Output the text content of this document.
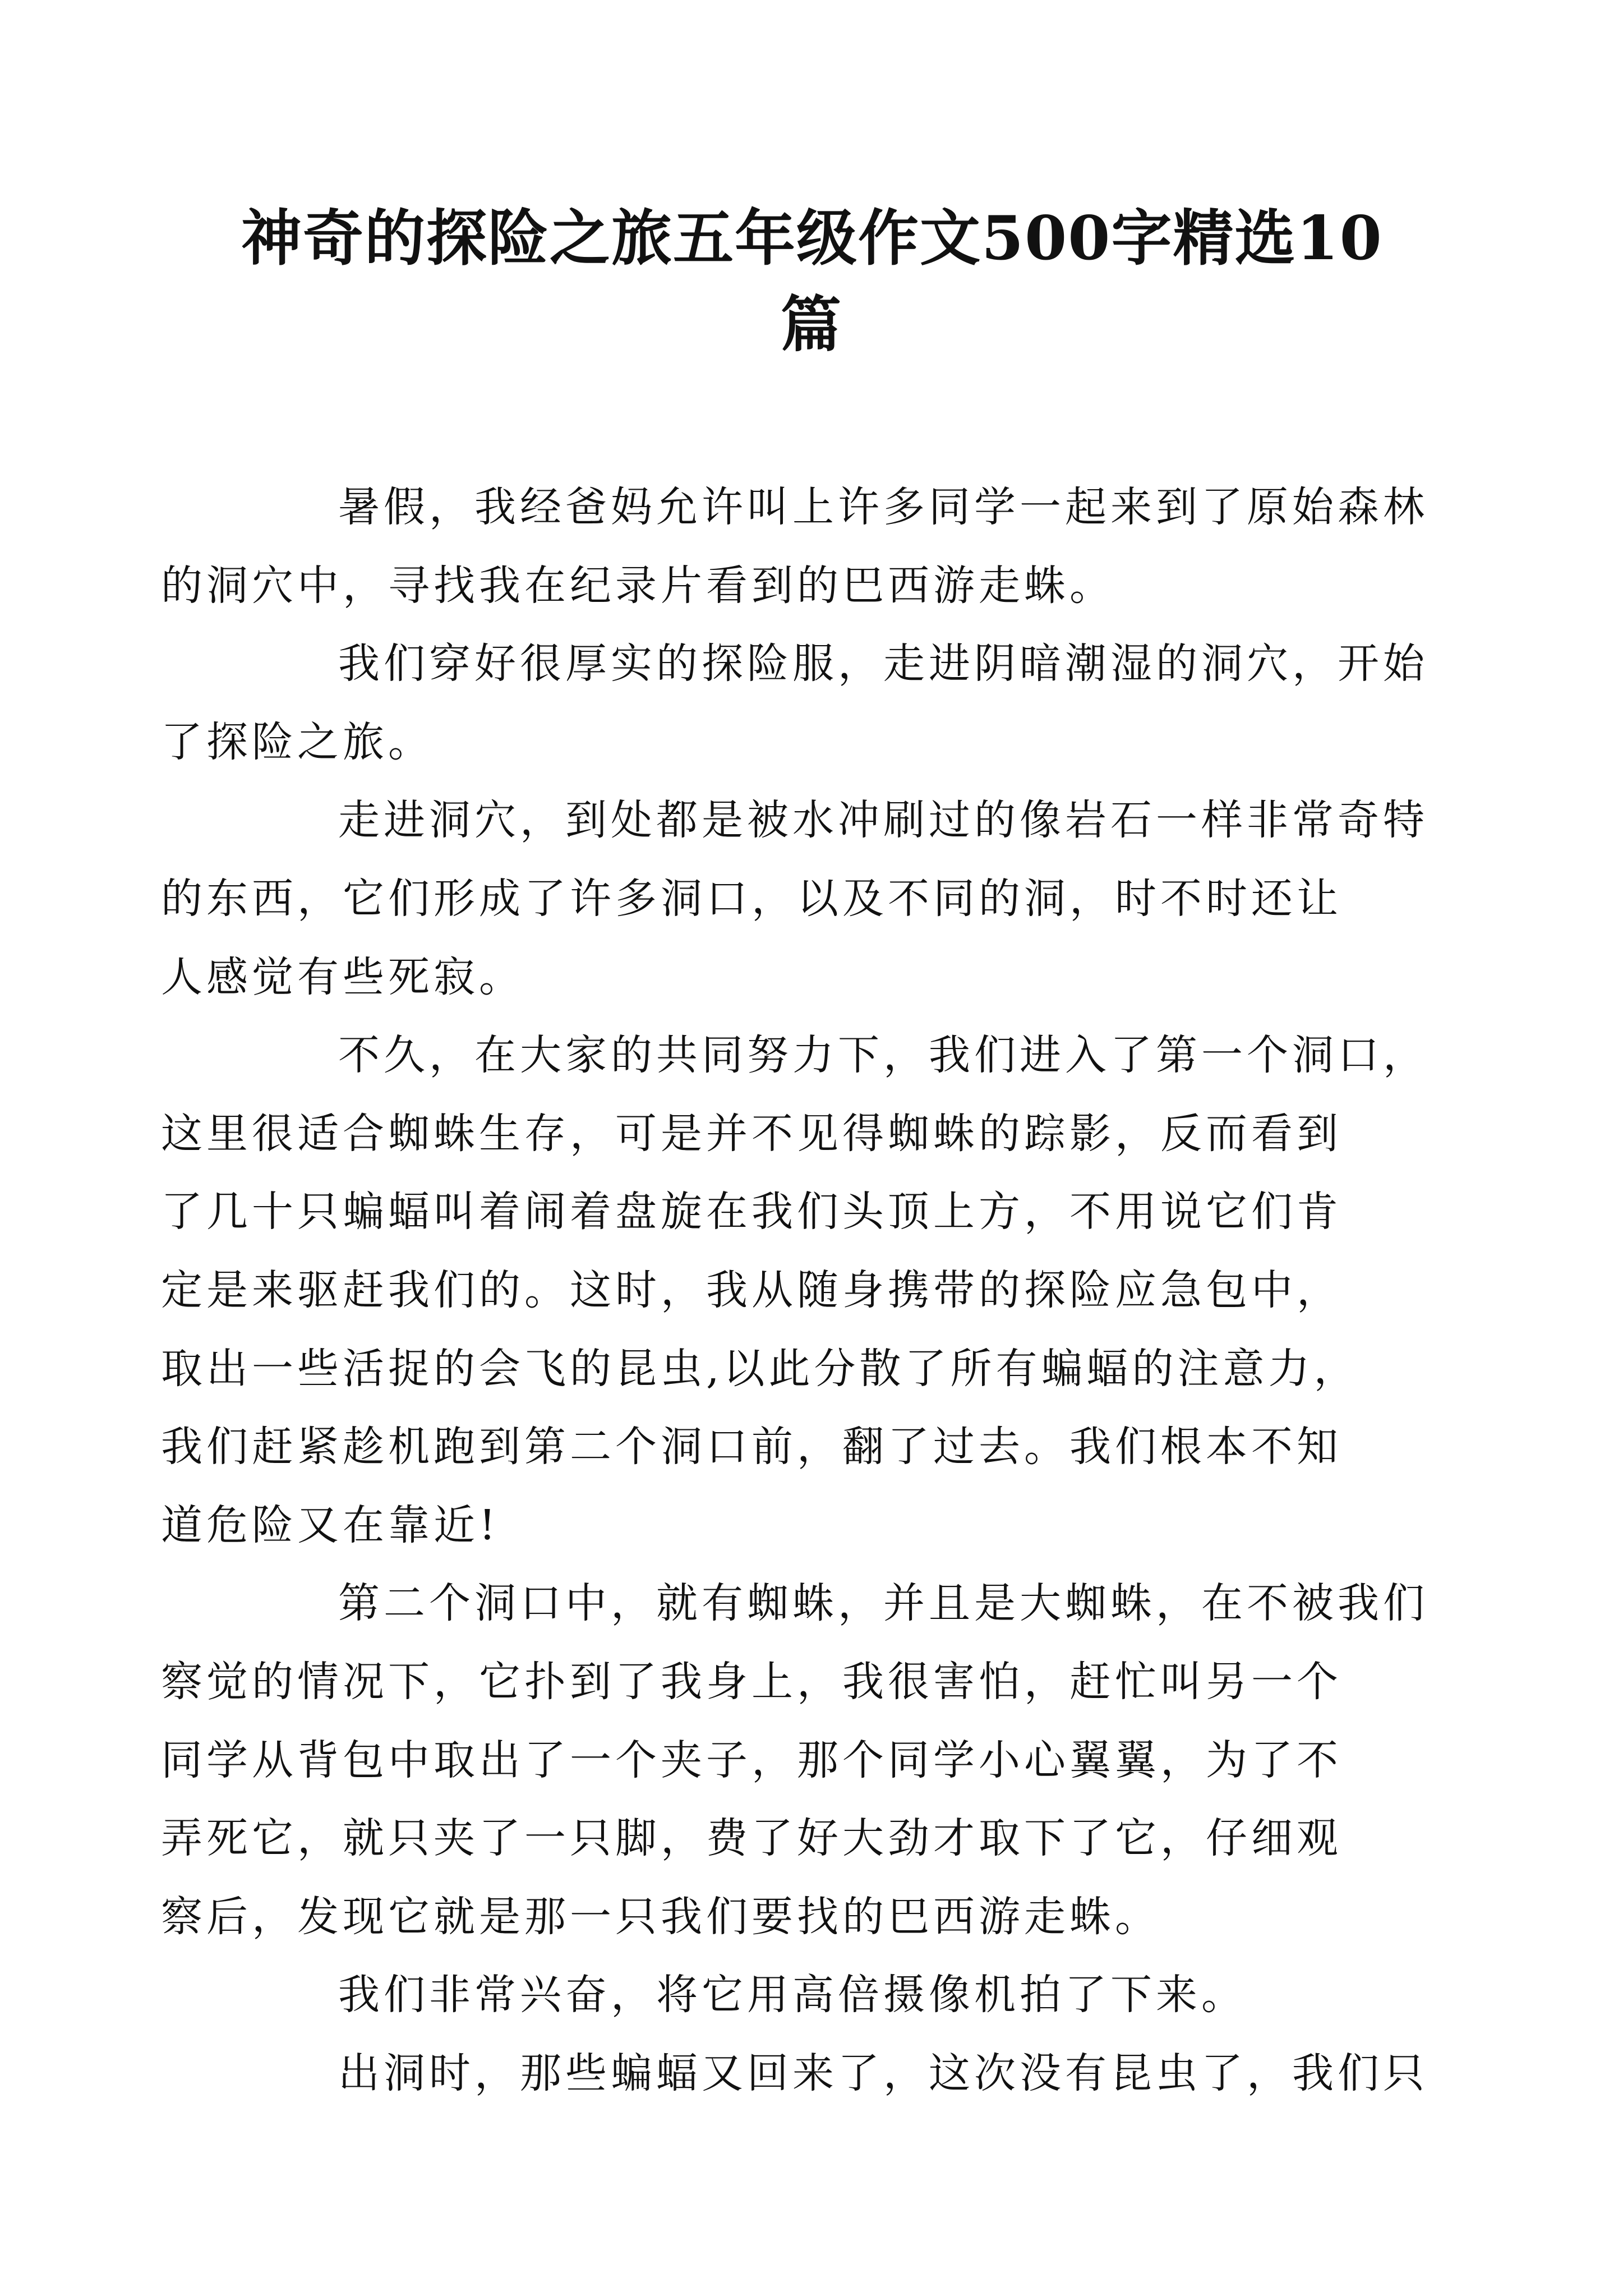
神奇的探险之旅五年级作文500字精选10
篇

暑假，我经爸妈允许叫上许多同学一起来到了原始森林
的洞穴中，寻找我在纪录片看到的巴西游走蛛。

我们穿好很厚实的探险服，走进阴暗潮湿的洞穴，开始
了探险之旅。

走进洞穴，到处都是被水冲刷过的像岩石一样非常奇特
的东西，它们形成了许多洞口，以及不同的洞，时不时还让
人感觉有些死寂。

不久，在大家的共同努力下，我们进入了第一个洞口，
这里很适合蜘蛛生存，可是并不见得蜘蛛的踪影，反而看到
了几十只蝙蝠叫着闹着盘旋在我们头顶上方，不用说它们肯
定是来驱赶我们的。这时，我从随身携带的探险应急包中，
取出一些活捉的会飞的昆虫,以此分散了所有蝙蝠的注意力，
我们赶紧趁机跑到第二个洞口前，翻了过去。我们根本不知
道危险又在靠近!

第二个洞口中，就有蜘蛛，并且是大蜘蛛，在不被我们
察觉的情况下，它扑到了我身上，我很害怕，赶忙叫另一个
同学从背包中取出了一个夹子，那个同学小心翼翼，为了不
弄死它，就只夹了一只脚，费了好大劲才取下了它，仔细观
察后，发现它就是那一只我们要找的巴西游走蛛。

我们非常兴奋，将它用高倍摄像机拍了下来。

出洞时，那些蝙蝠又回来了，这次没有昆虫了，我们只
